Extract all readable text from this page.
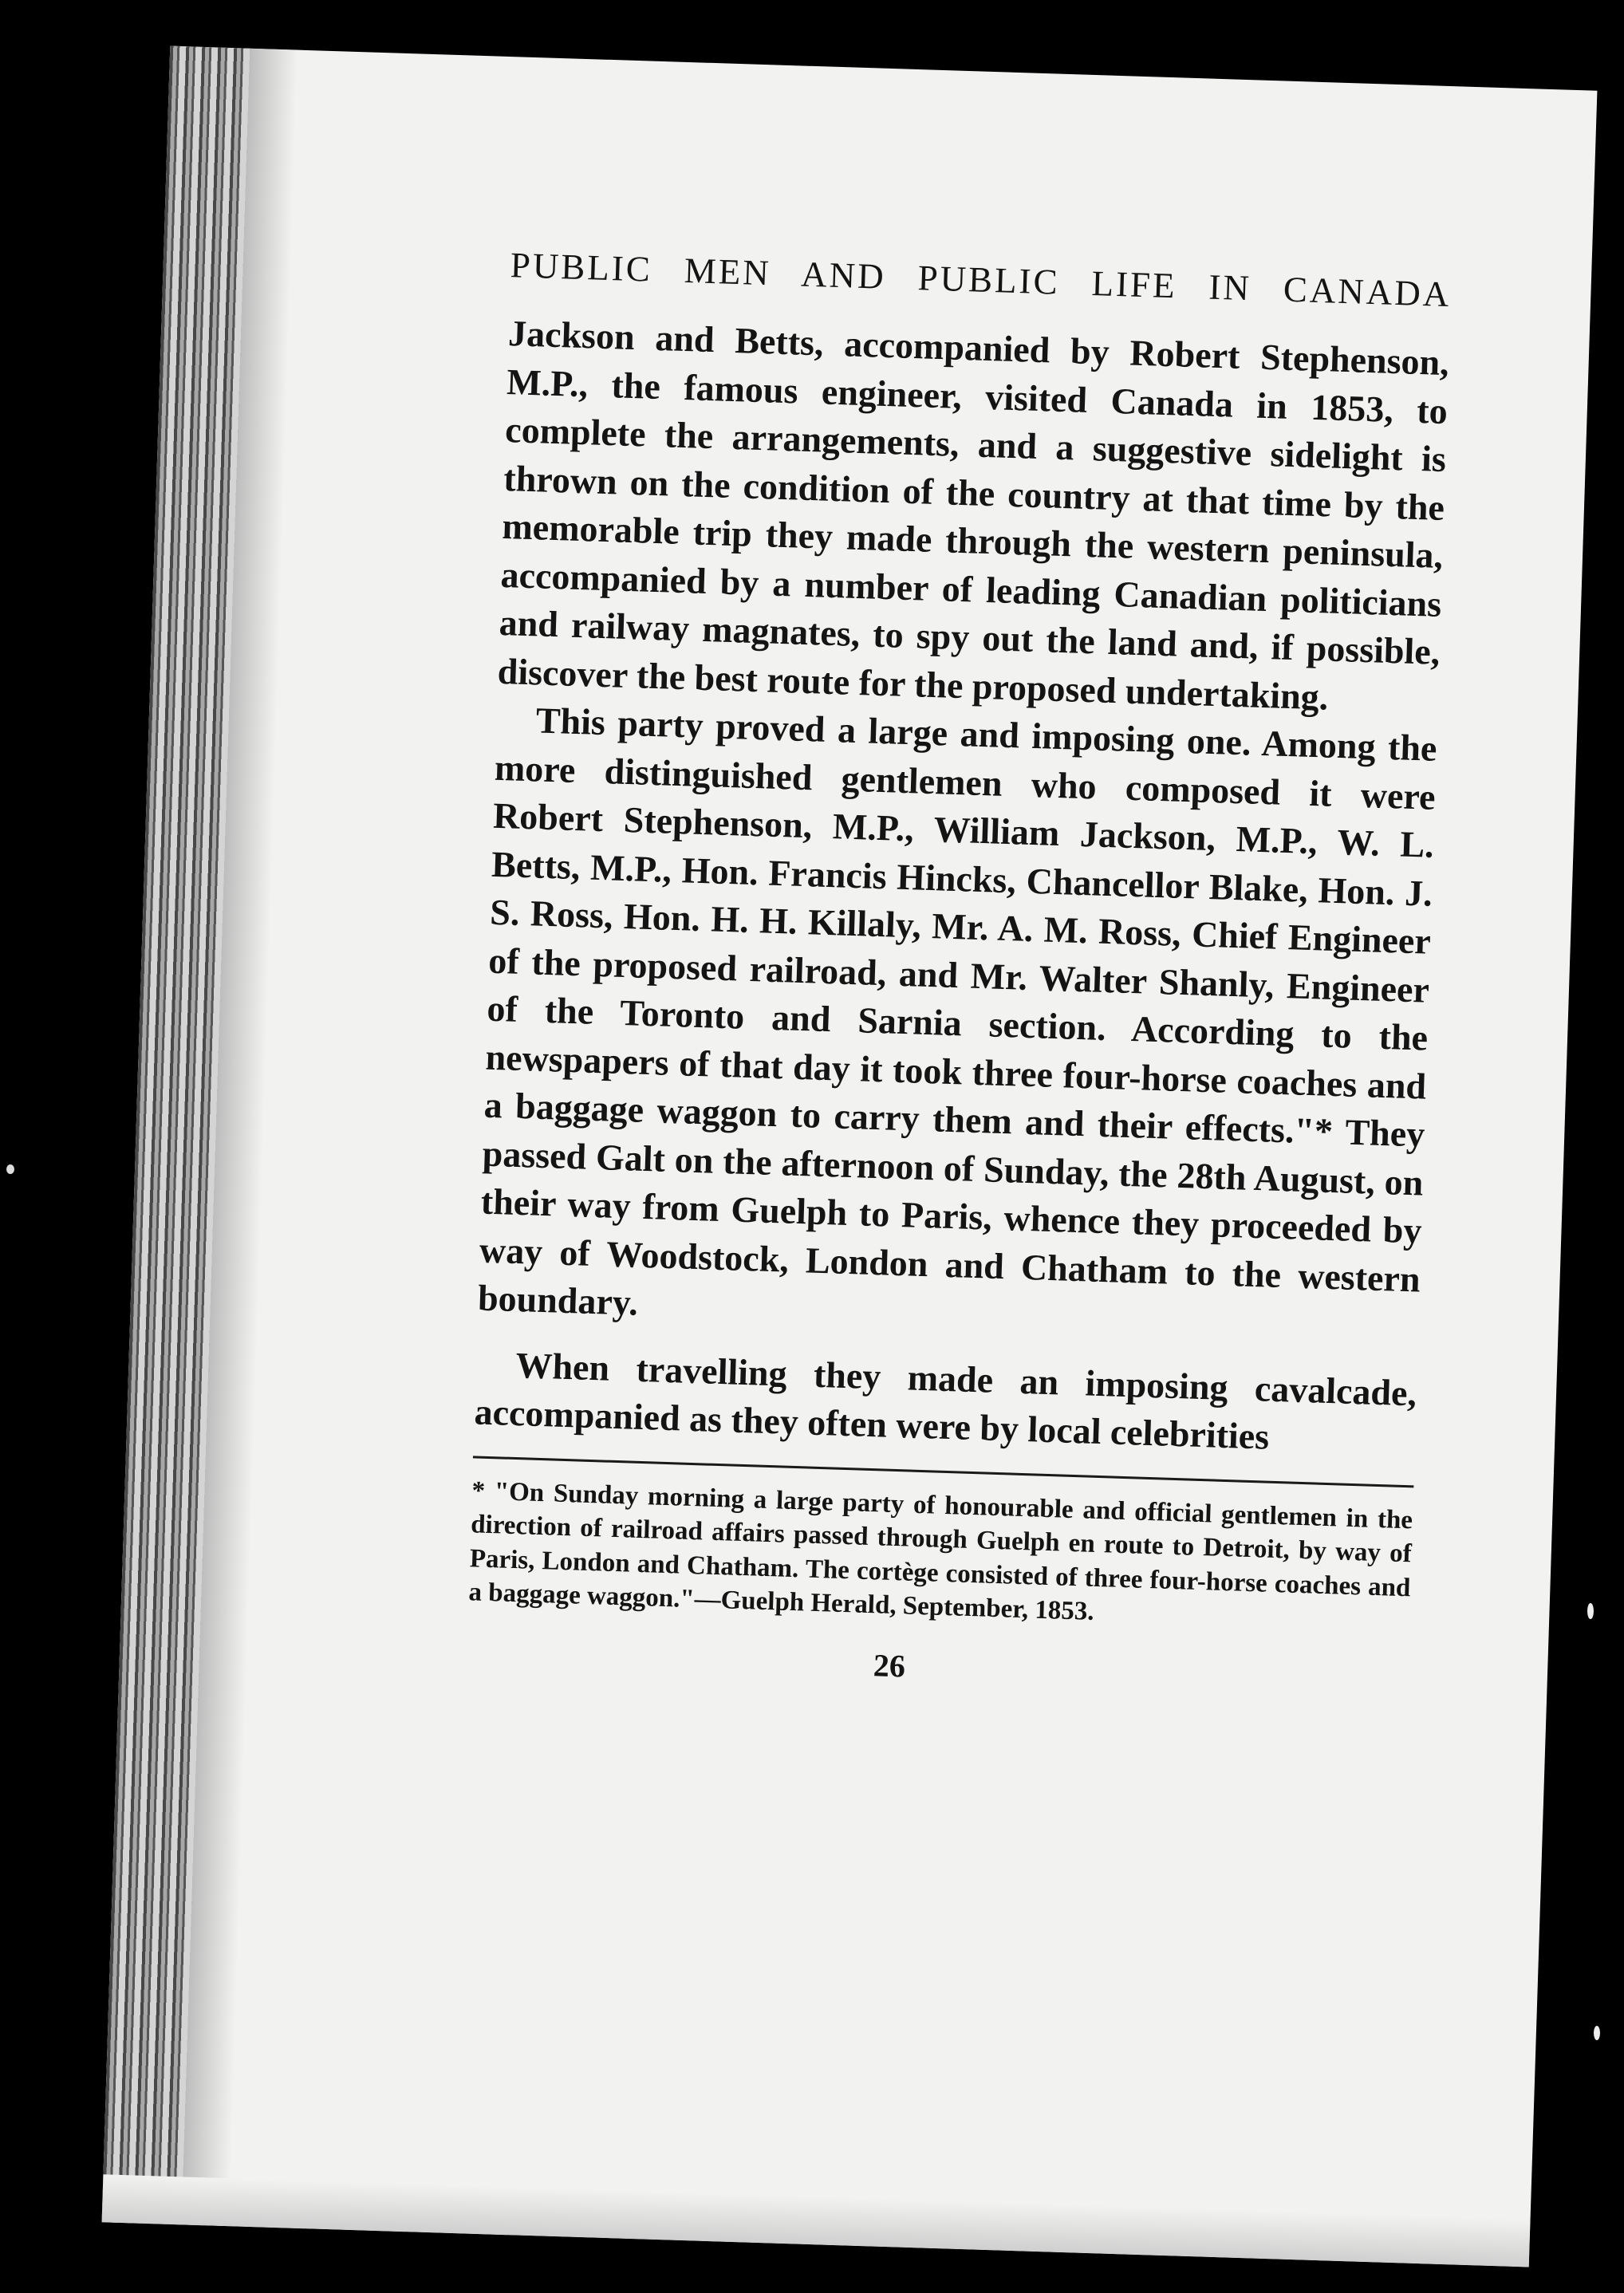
PUBLIC MEN AND PUBLIC LIFE IN CANADA

Jackson and Betts, accompanied by Robert Stephenson, M.P., the famous engineer, visited Canada in 1853, to complete the arrangements, and a suggestive sidelight is thrown on the condition of the country at that time by the memorable trip they made through the western peninsula, accompanied by a number of leading Canadian politicians and railway magnates, to spy out the land and, if possible, discover the best route for the proposed undertaking.

This party proved a large and imposing one. Among the more distinguished gentlemen who composed it were Robert Stephenson, M.P., William Jackson, M.P., W. L. Betts, M.P., Hon. Francis Hincks, Chancellor Blake, Hon. J. S. Ross, Hon. H. H. Killaly, Mr. A. M. Ross, Chief Engineer of the proposed railroad, and Mr. Walter Shanly, Engineer of the Toronto and Sarnia section. According to the newspapers of that day it took three four-horse coaches and a baggage waggon to carry them and their effects."* They passed Galt on the afternoon of Sunday, the 28th August, on their way from Guelph to Paris, whence they proceeded by way of Woodstock, London and Chatham to the western boundary.

When travelling they made an imposing cavalcade, accompanied as they often were by local celebrities

* "On Sunday morning a large party of honourable and official gentlemen in the direction of railroad affairs passed through Guelph en route to Detroit, by way of Paris, London and Chatham. The cortège consisted of three four-horse coaches and a baggage waggon."—Guelph Herald, September, 1853.

26
